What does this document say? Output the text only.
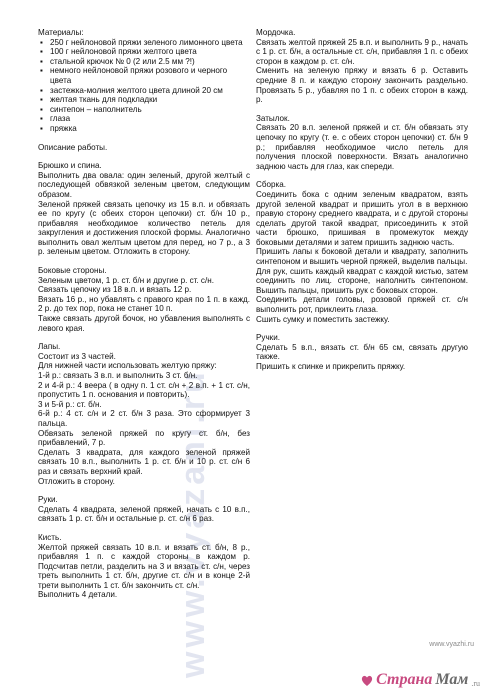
www.vyazani.ru

Материалы:

▪ 250 г нейлоновой пряжи зеленого лимонного цвета
▪ 100 г нейлоновой пряжи желтого цвета
▪ стальной крючок № 0 (2 или 2.5 мм ?!)
▪ немного нейлоновой пряжи розового и черного цвета
▪ застежка-молния желтого цвета длиной 20 см
▪ желтая ткань для подкладки
▪ синтепон – наполнитель
▪ глаза
▪ пряжка

Описание работы.

Брюшко и спина.

Выполнить два овала: один зеленый, другой желтый с последующей обвязкой зеленым цветом, следующим образом.

Зеленой пряжей связать цепочку из 15 в.п. и обвязать ее по кругу (с обеих сторон цепочки) ст. б/н 10 р., прибавляя необходимое количество петель для закругления и достижения плоской формы. Аналогично выполнить овал желтым цветом для перед, но 7 р., а 3 р. зеленым цветом. Отложить в сторону.

Боковые стороны.

Зеленым цветом, 1 р. ст. б/н и другие р. ст. с/н.

Связать цепочку из 18 в.п. и вязать 12 р.

Вязать 16 р., но убавлять с правого края по 1 п. в кажд. 2 р. до тех пор, пока не станет 10 п.

Также связать другой бочок, но убавления выполнять с левого края.

Лапы.

Состоит из 3 частей.

Для нижней части использовать желтую пряжу:

1-й р.: связать 3 в.п. и выполнить 3 ст. б/н.

2 и 4-й р.: 4 веера ( в одну п. 1 ст. с/н + 2 в.п. + 1 ст. с/н, пропустить 1 п. основания и повторить).

3 и 5-й р.: ст. б/н.

6-й р.: 4 ст. с/н и 2 ст. б/н 3 раза. Это сформирует 3 пальца.

Обвязать зеленой пряжей по кругу ст. б/н, без прибавлений, 7 р.

Сделать 3 квадрата, для каждого зеленой пряжей связать 10 в.п., выполнить 1 р. ст. б/н и 10 р. ст. с/н 6 раз и связать верхний край.

Отложить в сторону.

Руки.

Сделать 4 квадрата, зеленой пряжей, начать с 10 в.п., связать 1 р. ст. б/н и остальные р. ст. с/н 6 раз.

Кисть.

Желтой пряжей связать 10 в.п. и вязать ст. б/н, 8 р., прибавляя 1 п. с каждой стороны в каждом р. Подсчитав петли, разделить на 3 и вязать ст. с/н, через треть выполнить 1 ст. б/н, другие ст. с/н и в конце 2-й трети выполнить 1 ст. б/н закончить ст. с/н.

Выполнить 4 детали.

Мордочка.

Связать желтой пряжей 25 в.п. и выполнить 9 р., начать с 1 р. ст. б/н, а остальные ст. с/н, прибавляя 1 п. с обеих сторон в каждом р. ст. с/н.

Сменить на зеленую пряжу и вязать 6 р. Оставить средние 8 п. и каждую сторону закончить раздельно. Провязать 5 р., убавляя по 1 п. с обеих сторон в кажд. р.

Затылок.

Связать 20 в.п. зеленой пряжей и ст. б/н обвязать эту цепочку по кругу (т. е. с обеих сторон цепочки) ст. б/н 9 р.; прибавляя необходимое число петель для получения плоской поверхности. Вязать аналогично заднюю часть для глаз, как спереди.

Сборка.

Соединить бока с одним зеленым квадратом, взять другой зеленой квадрат и пришить угол в в верхнюю правую сторону среднего квадрата, и с другой стороны сделать другой такой квадрат, присоединить к этой части брюшко, пришивая в промежуток между боковыми деталями и затем пришить заднюю часть.

Пришить лапы к боковой детали и квадрату, заполнить синтепоном и вышить черной пряжей, выделив пальцы.

Для рук, сшить каждый квадрат с каждой кистью, затем соединить по лиц. стороне, наполнить синтепоном. Вышить пальцы, пришить рук с боковых сторон.

Соединить детали головы, розовой пряжей ст. с/н выполнить рот, приклеить глаза.

Сшить сумку и поместить застежку.

Ручки.

Сделать 5 в.п., вязать ст. б/н 65 см, связать другую также.

Пришить к спинке и прикрепить пряжку.

www.vyazhi.ru
Страна Мам .ru
